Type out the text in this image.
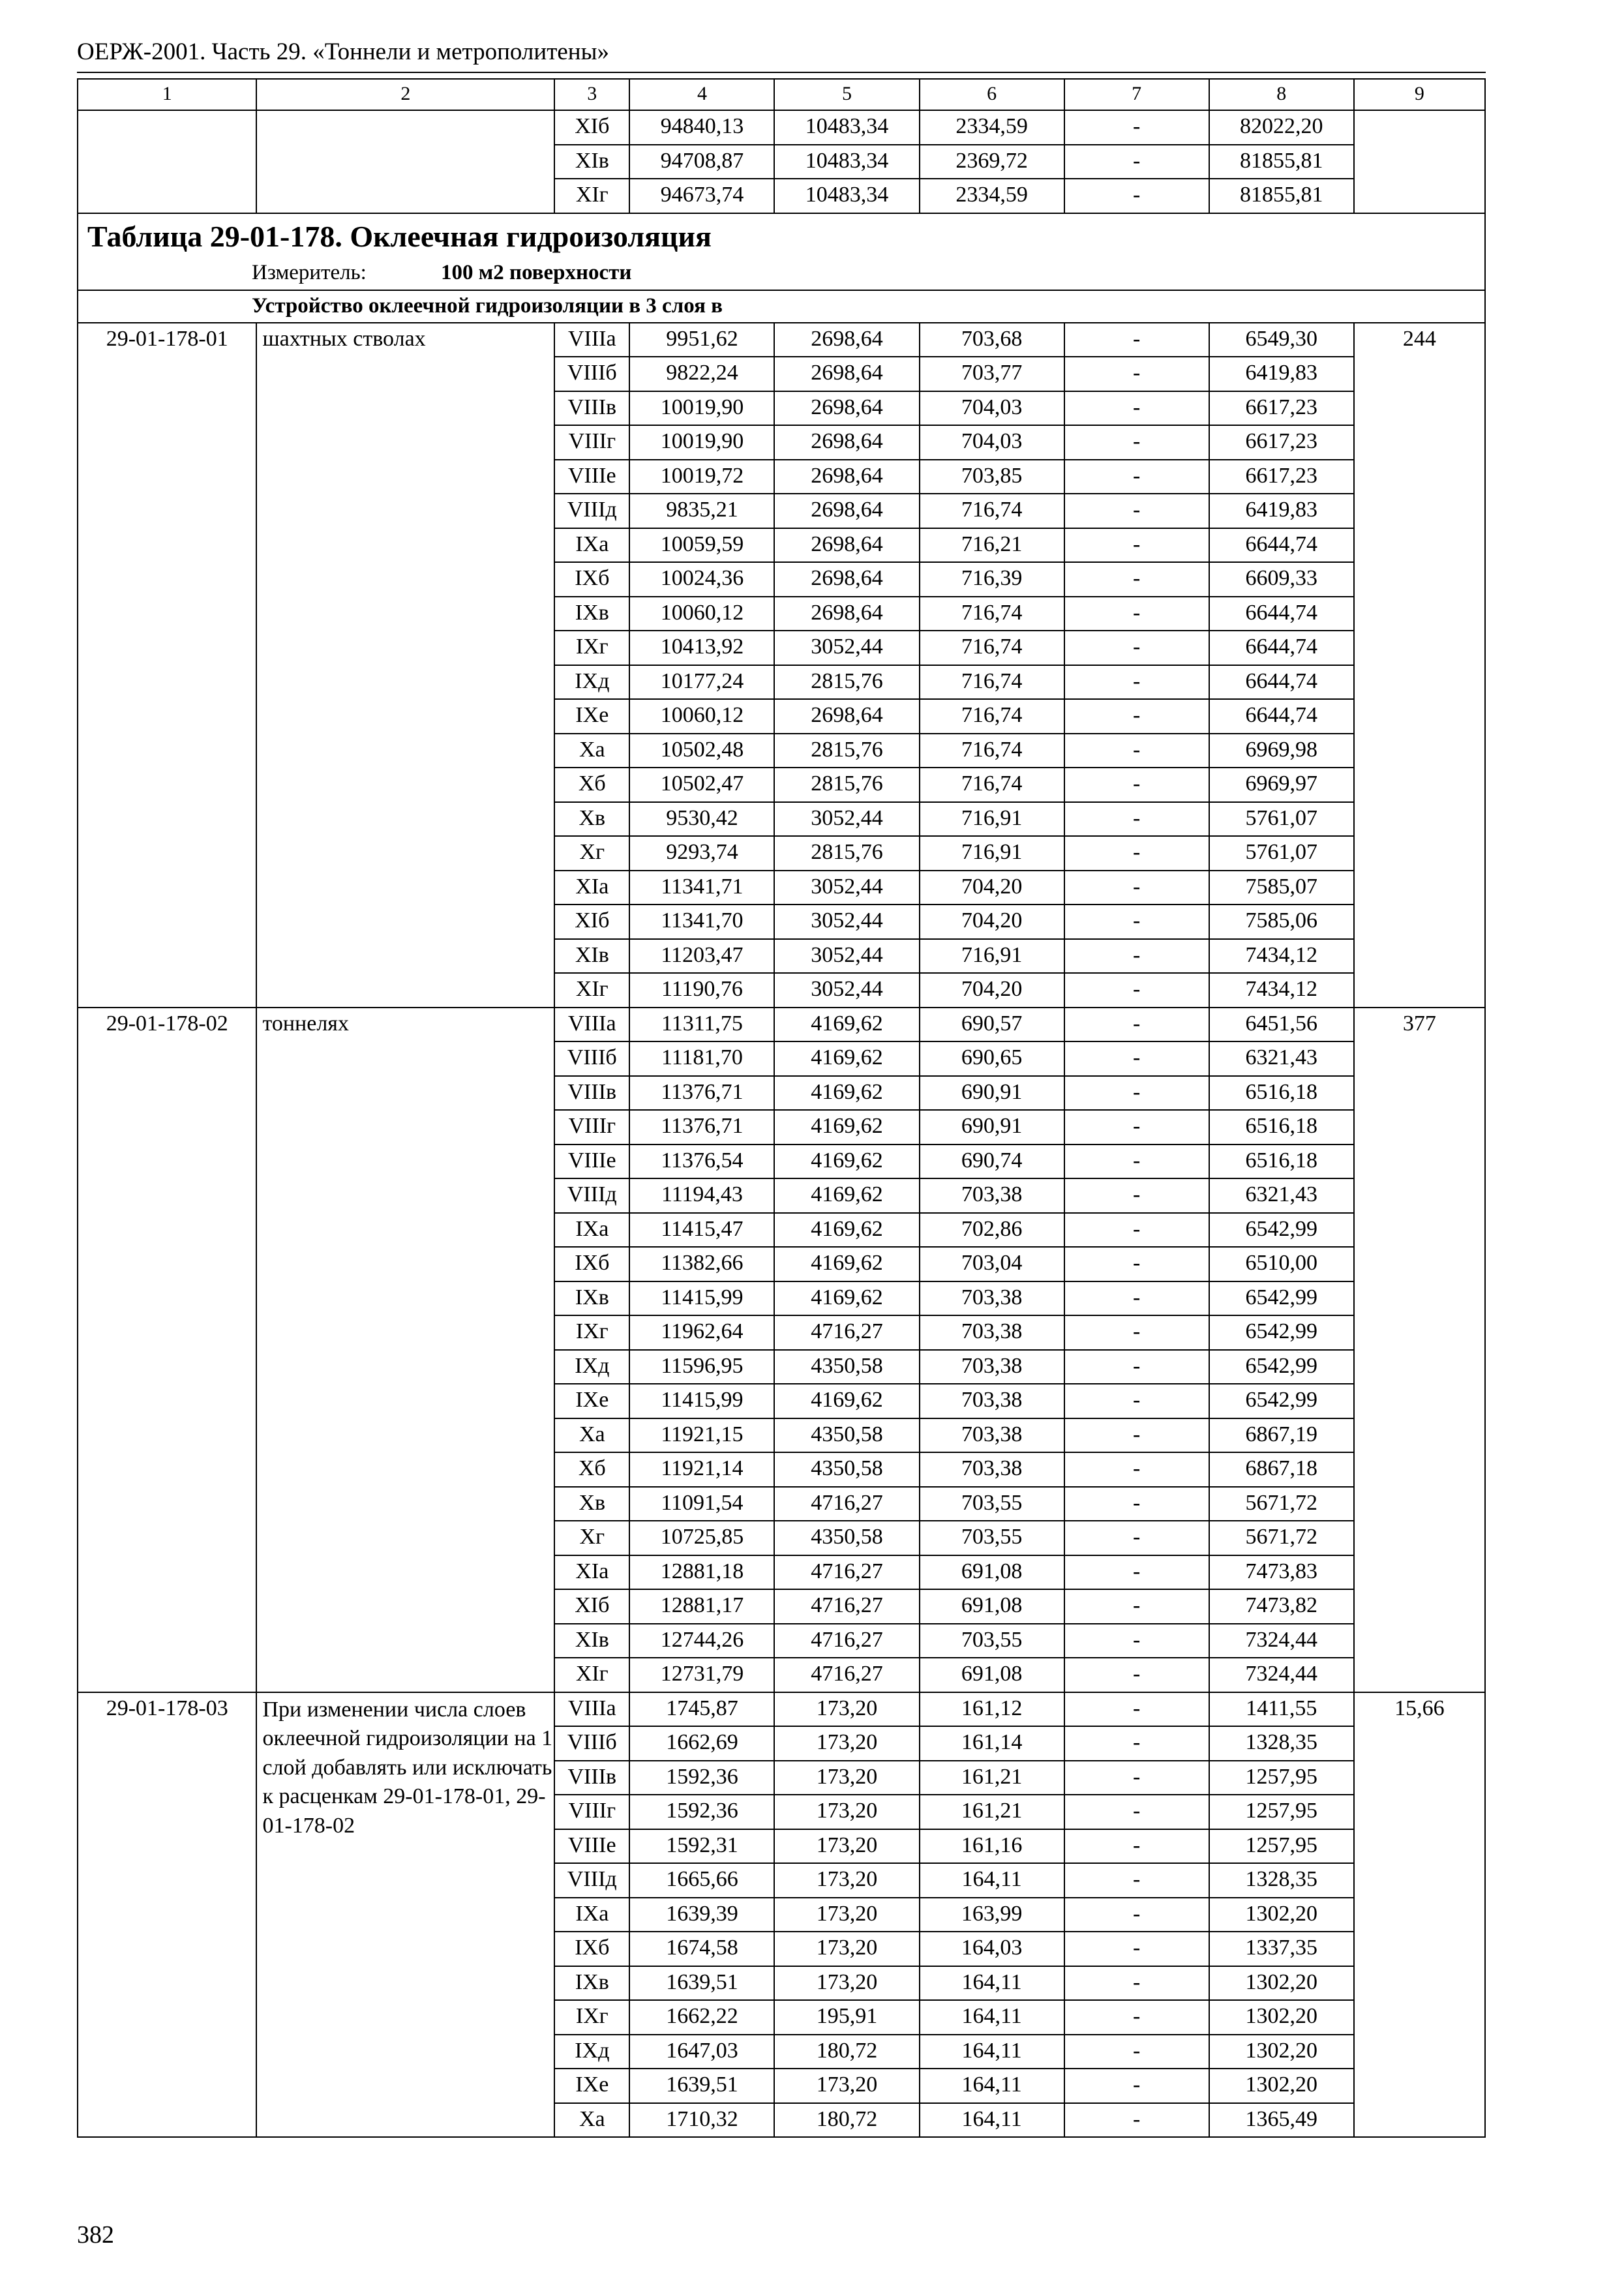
ОЕРЖ-2001. Часть 29. «Тоннели и метрополитены»
1	2	3	4	5	6	7	8	9
		XIб	94840,13	10483,34	2334,59	-	82022,20	
		XIв	94708,87	10483,34	2369,72	-	81855,81	
		XIг	94673,74	10483,34	2334,59	-	81855,81	

Таблица 29-01-178. Оклеечная гидроизоляция
Измеритель: 100 м2 поверхности								

Устройство оклеечной гидроизоляции в 3 слоя в								
29-01-178-01	шахтных стволах	VIIIа	9951,62	2698,64	703,68	-	6549,30	244
		VIIIб	9822,24	2698,64	703,77	-	6419,83	
		VIIIв	10019,90	2698,64	704,03	-	6617,23	
		VIIIг	10019,90	2698,64	704,03	-	6617,23	
		VIIIе	10019,72	2698,64	703,85	-	6617,23	
		VIIIд	9835,21	2698,64	716,74	-	6419,83	
		IXа	10059,59	2698,64	716,21	-	6644,74	
		IXб	10024,36	2698,64	716,39	-	6609,33	
		IXв	10060,12	2698,64	716,74	-	6644,74	
		IXг	10413,92	3052,44	716,74	-	6644,74	
		IXд	10177,24	2815,76	716,74	-	6644,74	
		IXе	10060,12	2698,64	716,74	-	6644,74	
		Xа	10502,48	2815,76	716,74	-	6969,98	
		Xб	10502,47	2815,76	716,74	-	6969,97	
		Xв	9530,42	3052,44	716,91	-	5761,07	
		Xг	9293,74	2815,76	716,91	-	5761,07	
		XIа	11341,71	3052,44	704,20	-	7585,07	
		XIб	11341,70	3052,44	704,20	-	7585,06	
		XIв	11203,47	3052,44	716,91	-	7434,12	
		XIг	11190,76	3052,44	704,20	-	7434,12	
29-01-178-02	тоннелях	VIIIа	11311,75	4169,62	690,57	-	6451,56	377
		VIIIб	11181,70	4169,62	690,65	-	6321,43	
		VIIIв	11376,71	4169,62	690,91	-	6516,18	
		VIIIг	11376,71	4169,62	690,91	-	6516,18	
		VIIIе	11376,54	4169,62	690,74	-	6516,18	
		VIIIд	11194,43	4169,62	703,38	-	6321,43	
		IXа	11415,47	4169,62	702,86	-	6542,99	
		IXб	11382,66	4169,62	703,04	-	6510,00	
		IXв	11415,99	4169,62	703,38	-	6542,99	
		IXг	11962,64	4716,27	703,38	-	6542,99	
		IXд	11596,95	4350,58	703,38	-	6542,99	
		IXе	11415,99	4169,62	703,38	-	6542,99	
		Xа	11921,15	4350,58	703,38	-	6867,19	
		Xб	11921,14	4350,58	703,38	-	6867,18	
		Xв	11091,54	4716,27	703,55	-	5671,72	
		Xг	10725,85	4350,58	703,55	-	5671,72	
		XIа	12881,18	4716,27	691,08	-	7473,83	
		XIб	12881,17	4716,27	691,08	-	7473,82	
		XIв	12744,26	4716,27	703,55	-	7324,44	
		XIг	12731,79	4716,27	691,08	-	7324,44	
29-01-178-03	При изменении числа слоев оклеечной гидроизоляции на 1 слой добавлять или исключать к расценкам 29-01-178-01, 29-01-178-02	VIIIа	1745,87	173,20	161,12	-	1411,55	15,66
		VIIIб	1662,69	173,20	161,14	-	1328,35	
		VIIIв	1592,36	173,20	161,21	-	1257,95	
		VIIIг	1592,36	173,20	161,21	-	1257,95	
		VIIIе	1592,31	173,20	161,16	-	1257,95	
		VIIIд	1665,66	173,20	164,11	-	1328,35	
		IXа	1639,39	173,20	163,99	-	1302,20	
		IXб	1674,58	173,20	164,03	-	1337,35	
		IXв	1639,51	173,20	164,11	-	1302,20	
		IXг	1662,22	195,91	164,11	-	1302,20	
		IXд	1647,03	180,72	164,11	-	1302,20	
		IXе	1639,51	173,20	164,11	-	1302,20	
		Xа	1710,32	180,72	164,11	-	1365,49	
382
